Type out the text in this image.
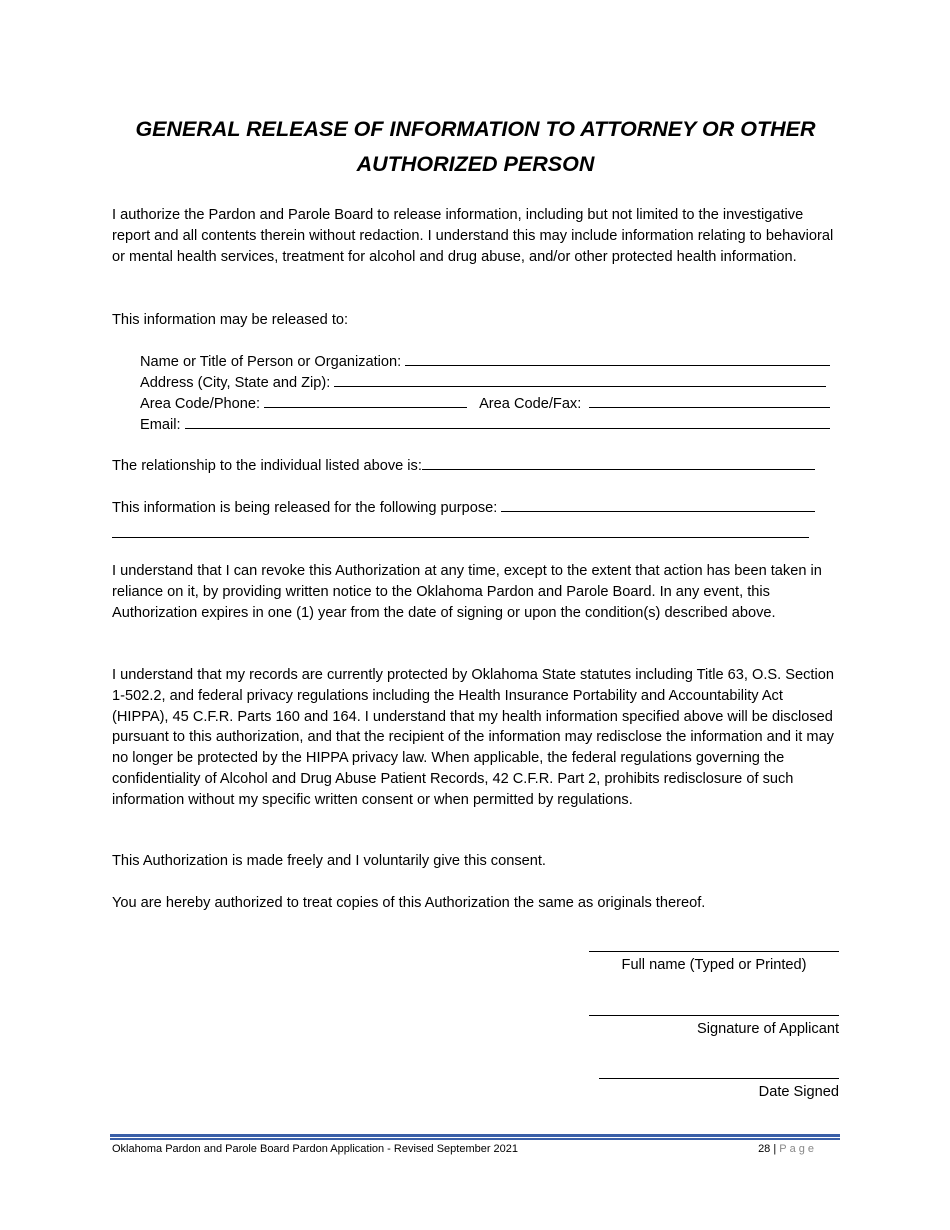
GENERAL RELEASE OF INFORMATION TO ATTORNEY OR OTHER
AUTHORIZED PERSON

I authorize the Pardon and Parole Board to release information, including but not limited to the investigative report and all contents therein without redaction. I understand this may include information relating to behavioral or mental health services, treatment for alcohol and drug abuse, and/or other protected health information.

This information may be released to:

Name or Title of Person or Organization:
Address (City, State and Zip):
Area Code/Phone:	Area Code/Fax:
Email:
The relationship to the individual listed above is:
This information is being released for the following purpose:

I understand that I can revoke this Authorization at any time, except to the extent that action has been taken in reliance on it, by providing written notice to the Oklahoma Pardon and Parole Board. In any event, this Authorization expires in one (1) year from the date of signing or upon the condition(s) described above.

I understand that my records are currently protected by Oklahoma State statutes including Title 63, O.S. Section 1-502.2, and federal privacy regulations including the Health Insurance Portability and Accountability Act (HIPPA), 45 C.F.R. Parts 160 and 164. I understand that my health information specified above will be disclosed pursuant to this authorization, and that the recipient of the information may redisclose the information and it may no longer be protected by the HIPPA privacy law. When applicable, the federal regulations governing the confidentiality of Alcohol and Drug Abuse Patient Records, 42 C.F.R. Part 2, prohibits redisclosure of such information without my specific written consent or when permitted by regulations.

This Authorization is made freely and I voluntarily give this consent.

You are hereby authorized to treat copies of this Authorization the same as originals thereof.

Full name (Typed or Printed)
Signature of Applicant
Date Signed
Oklahoma Pardon and Parole Board Pardon Application - Revised September 2021	28 | Page
